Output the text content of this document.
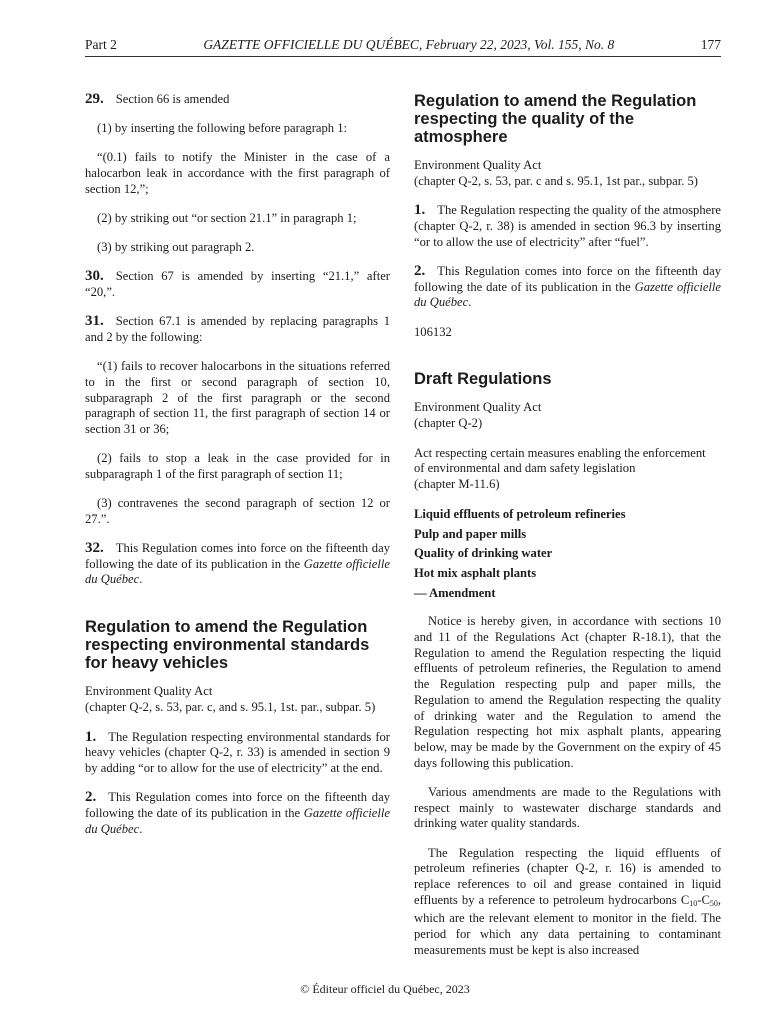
Part 2	GAZETTE OFFICIELLE DU QUÉBEC, February 22, 2023, Vol. 155, No. 8	177

29. Section 66 is amended

(1) by inserting the following before paragraph 1:

“(0.1) fails to notify the Minister in the case of a halocarbon leak in accordance with the first paragraph of section 12,”;

(2) by striking out “or section 21.1” in paragraph 1;

(3) by striking out paragraph 2.

30. Section 67 is amended by inserting “21.1,” after “20,”.

31. Section 67.1 is amended by replacing paragraphs 1 and 2 by the following:

“(1) fails to recover halocarbons in the situations referred to in the first or second paragraph of section 10, subparagraph 2 of the first paragraph or the second paragraph of section 11, the first paragraph of section 14 or section 31 or 36;

(2) fails to stop a leak in the case provided for in subparagraph 1 of the first paragraph of section 11;

(3) contravenes the second paragraph of section 12 or 27.”.

32. This Regulation comes into force on the fifteenth day following the date of its publication in the Gazette officielle du Québec.

Regulation to amend the Regulation
respecting environmental standards
for heavy vehicles
Environment Quality Act
(chapter Q-2, s. 53, par. c, and s. 95.1, 1st. par., subpar. 5)

1. The Regulation respecting environmental standards for heavy vehicles (chapter Q-2, r. 33) is amended in section 9 by adding “or to allow for the use of electricity” at the end.

2. This Regulation comes into force on the fifteenth day following the date of its publication in the Gazette officielle du Québec.

Regulation to amend the Regulation
respecting the quality of the atmosphere
Environment Quality Act
(chapter Q-2, s. 53, par. c and s. 95.1, 1st par., subpar. 5)

1. The Regulation respecting the quality of the atmosphere (chapter Q-2, r. 38) is amended in section 96.3 by inserting “or to allow the use of electricity” after “fuel”.

2. This Regulation comes into force on the fifteenth day following the date of its publication in the Gazette officielle du Québec.

106132

Draft Regulations
Environment Quality Act
(chapter Q-2)
Act respecting certain measures enabling the enforcement
of environmental and dam safety legislation
(chapter M-11.6)
Liquid effluents of petroleum refineries
Pulp and paper mills
Quality of drinking water
Hot mix asphalt plants
— Amendment

Notice is hereby given, in accordance with sections 10 and 11 of the Regulations Act (chapter R-18.1), that the Regulation to amend the Regulation respecting the liquid effluents of petroleum refineries, the Regulation to amend the Regulation respecting pulp and paper mills, the Regulation to amend the Regulation respecting the quality of drinking water and the Regulation to amend the Regulation respecting hot mix asphalt plants, appearing below, may be made by the Government on the expiry of 45 days following this publication.

Various amendments are made to the Regulations with respect mainly to wastewater discharge standards and drinking water quality standards.

The Regulation respecting the liquid effluents of petroleum refineries (chapter Q-2, r. 16) is amended to replace references to oil and grease contained in liquid effluents by a reference to petroleum hydrocarbons $C_{10}-C_{50}$, which are the relevant element to monitor in the field. The period for which any data pertaining to contaminant measurements must be kept is also increased

© Éditeur officiel du Québec, 2023
